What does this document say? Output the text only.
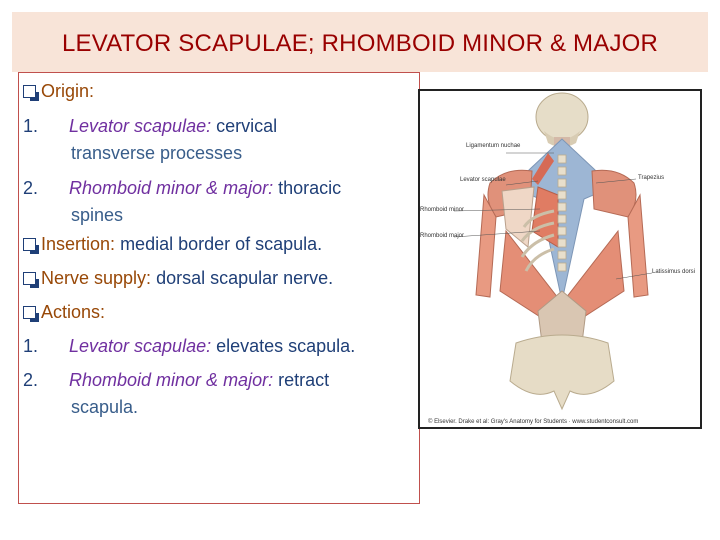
LEVATOR SCAPULAE; RHOMBOID MINOR & MAJOR
Origin:
1. Levator scapulae: cervical
transverse processes
2. Rhomboid minor & major: thoracic
spines
Insertion: medial border of scapula.
Nerve supply: dorsal scapular nerve.
Actions:
1. Levator scapulae: elevates scapula.
2. Rhomboid minor & major: retract
scapula.
Ligamentum nuchae
Levator scapulae
Rhomboid minor
Rhomboid major
Trapezius
Latissimus dorsi
© Elsevier. Drake et al: Gray's Anatomy for Students · www.studentconsult.com
